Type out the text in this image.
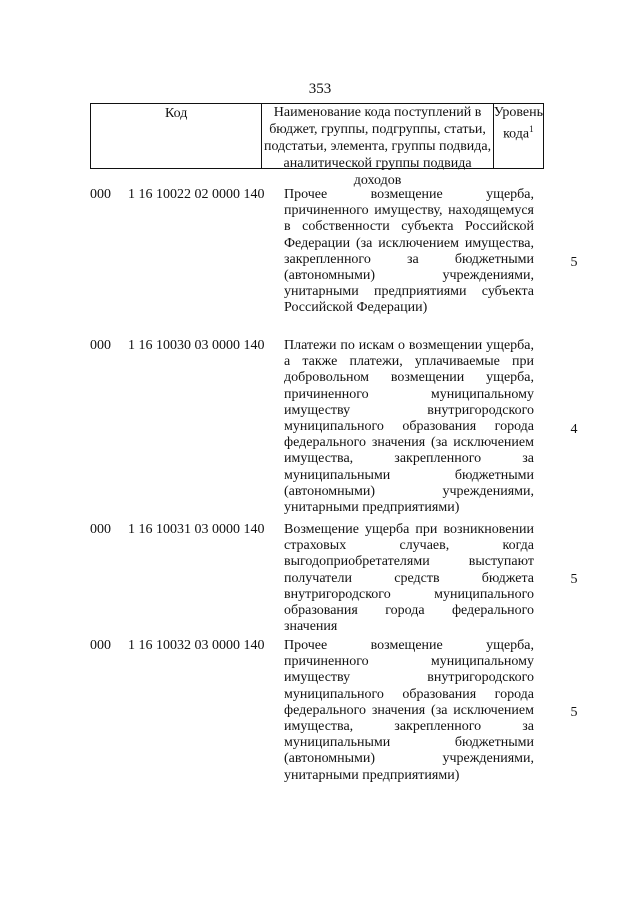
353
Код	Наименование кода поступлений в бюджет, группы, подгруппы, статьи, подстатьи, элемента, группы подвида, аналитической группы подвида доходов
Уровень кода$^1$
000 1 16 10022 02 0000 140 Прочее возмещение ущерба, причиненного имуществу, находящемуся в собственности субъекта Российской Федерации (за исключением имущества, закрепленного за бюджетными (автономными) учреждениями, унитарными предприятиями субъекта Российской Федерации)
5
000 1 16 10030 03 0000 140 Платежи по искам о возмещении ущерба, а также платежи, уплачиваемые при добровольном возмещении ущерба, причиненного муниципальному имуществу внутригородского муниципального образования города федерального значения (за исключением имущества, закрепленного за муниципальными бюджетными (автономными) учреждениями, унитарными предприятиями)
4
000 1 16 10031 03 0000 140 Возмещение ущерба при возникновении страховых случаев, когда выгодоприобретателями выступают получатели средств бюджета внутригородского муниципального образования города федерального значения
5
000 1 16 10032 03 0000 140 Прочее возмещение ущерба, причиненного муниципальному имуществу внутригородского муниципального образования города федерального значения (за исключением имущества, закрепленного за муниципальными бюджетными (автономными) учреждениями, унитарными предприятиями)
5
